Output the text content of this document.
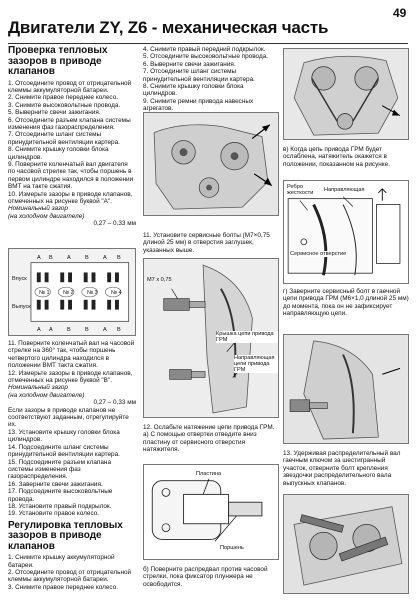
49
Двигатели ZY, Z6 - механическая часть
Проверка тепловых зазоров в приводе клапанов
1. Отсоедините провод от отрицательной клеммы аккумуляторной батареи.
2. Снимите правое переднее колесо.
3. Снимите высоковольтные провода.
5. Выверните свечи зажигания.
6. Отсоедините разъем клапана системы изменения фаз газораспределения.
7. Отсоедините шланг системы принудительной вентиляции картера.
8. Снимите крышку головки блока цилиндров.
9. Поверните коленчатый вал двигателя по часовой стрелке так, чтобы поршень в первом цилиндре находился в положении ВМТ на такте сжатия.
10. Измерьте зазоры в приводе клапанов, отмеченных на рисунке буквой "A".

Номинальный зазор

(на холодном двигателе)

0,27 – 0,33 мм

Впуск
Выпуск
№ 1 № 2 № 3 № 4
A B	A	B	A B
A A	B	B	A B
11. Поверните коленчатый вал на часовой стрелке на 360° так, чтобы поршень четвертого цилиндра находился в положении ВМТ такта сжатия.
12. Измерьте зазоры в приводе клапанов, отмеченных на рисунке буквой "B".

Номинальный зазор

(на холодном двигателе)

0,27 – 0,33 мм

Если зазоры в приводе клапанов не соответствуют заданным, отрегулируйте их.
13. Установите крышку головки блока цилиндров.
14. Подсоедините шланг системы принудительной вентиляции картера.
15. Подсоедините разъем клапана системы изменения фаз газораспределения.
16. Заверните свечи зажигания.
17. Подсоедините высоковольтные провода.
18. Установите правый подкрылок.
19. Установите правое колесо.
Регулировка тепловых зазоров в приводе клапанов
1. Снимите крышку аккумуляторной батареи.
2. Отсоедините провод от отрицательной клеммы аккумуляторной батареи.
3. Снимите правое переднее колесо.
4. Снимите правый передний подкрылок.
5. Отсоедините высоковольтные провода.
6. Выверните свечи зажигания.
7. Отсоедините шланг системы принудительной вентиляции картера.
8. Снимите крышку головки блока цилиндров.
9. Снимите ремни привода навесных агрегатов.

11. Установите сервисные болты (M7×0,75 длиной 25 мм) в отверстия заглушек, указанных выше.

M7 x 0,75
Крышка цепи привода ГРМ
Направляющая цепи привода ГРМ

12. Ослабьте натяжение цепи привода ГРМ.

а) С помощью отвертки отведите вниз пластину от сервисного отверстия натяжителя.

Пластина
Поршень

б) Поверните распредвал против часовой стрелки, пока фиксатор плунжера не освободится.

в) Когда цепь привода ГРМ будет ослаблена, натяжитель окажется в положении, показанном на рисунке.

Ребро жесткости	Направляющая
Сервисное отверстие

г) Заверните сервисный болт в гаечной цепи привода ГРМ (M6×1,0 длиной 25 мм) до момента, пока он не зафиксирует направляющую цепи.

13. Удерживая распределительный вал гаечным ключом за шестигранный участок, отверните болт крепления звездочки распределительного вала выпускных клапанов.
